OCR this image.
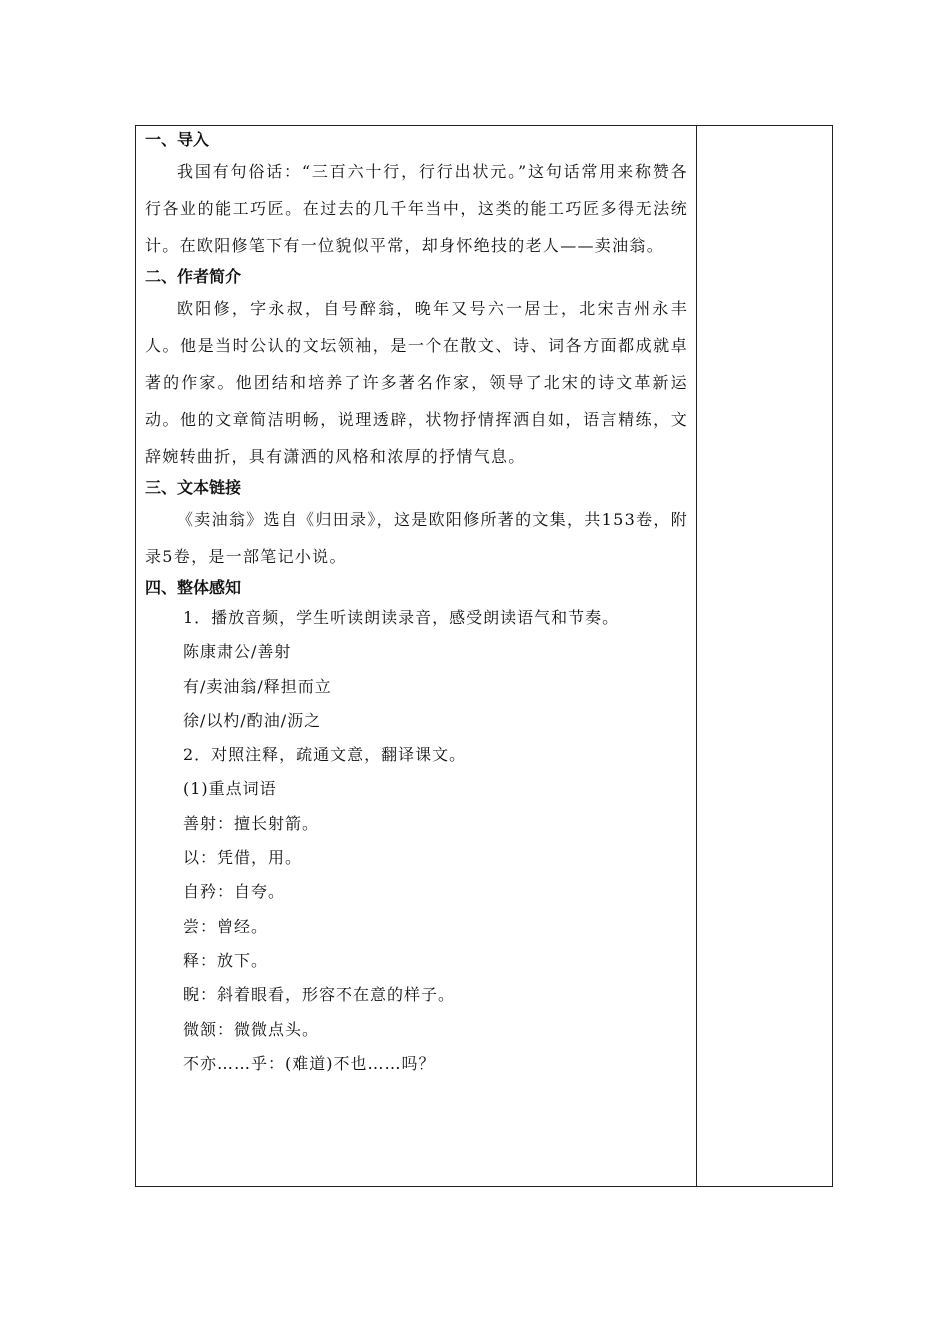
一、导入

我国有句俗话：“三百六十行，行行出状元。”这句话常用来称赞各行各业的能工巧匠。在过去的几千年当中，这类的能工巧匠多得无法统计。在欧阳修笔下有一位貌似平常，却身怀绝技的老人——卖油翁。

二、作者简介

欧阳修，字永叔，自号醉翁，晚年又号六一居士，北宋吉州永丰人。他是当时公认的文坛领袖，是一个在散文、诗、词各方面都成就卓著的作家。他团结和培养了许多著名作家，领导了北宋的诗文革新运动。他的文章简洁明畅，说理透辟，状物抒情挥洒自如，语言精练，文辞婉转曲折，具有潇洒的风格和浓厚的抒情气息。

三、文本链接

《卖油翁》选自《归田录》，这是欧阳修所著的文集，共153卷，附录5卷，是一部笔记小说。

四、整体感知
1．播放音频，学生听读朗读录音，感受朗读语气和节奏。
陈康肃公/善射
有/卖油翁/释担而立
徐/以杓/酌油/沥之
2．对照注释，疏通文意，翻译课文。
(1)重点词语
善射：擅长射箭。
以：凭借，用。
自矜：自夸。
尝：曾经。
释：放下。
睨：斜着眼看，形容不在意的样子。
微颔：微微点头。
不亦……乎：(难道)不也……吗？
